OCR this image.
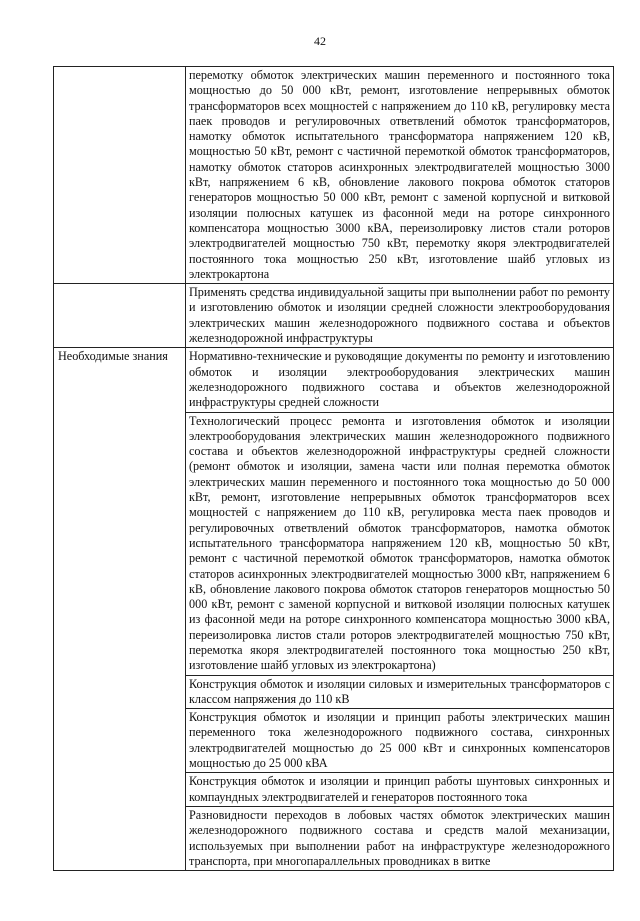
42
	перемотку обмоток электрических машин переменного и постоянного тока мощностью до 50 000 кВт, ремонт, изготовление непрерывных обмоток трансформаторов всех мощностей с напряжением до 110 кВ, регулировку места паек проводов и регулировочных ответвлений обмоток трансформаторов, намотку обмоток испытательного трансформатора напряжением 120 кВ, мощностью 50 кВт, ремонт с частичной перемоткой обмоток трансформаторов, намотку обмоток статоров асинхронных электродвигателей мощностью 3000 кВт, напряжением 6 кВ, обновление лакового покрова обмоток статоров генераторов мощностью 50 000 кВт, ремонт с заменой корпусной и витковой изоляции полюсных катушек из фасонной меди на роторе синхронного компенсатора мощностью 3000 кВА, переизолировку листов стали роторов электродвигателей мощностью 750 кВт, перемотку якоря электродвигателей постоянного тока мощностью 250 кВт, изготовление шайб угловых из электрокартона
	Применять средства индивидуальной защиты при выполнении работ по ремонту и изготовлению обмоток и изоляции средней сложности электрооборудования электрических машин железнодорожного подвижного состава и объектов железнодорожной инфраструктуры
Необходимые знания	Нормативно-технические и руководящие документы по ремонту и изготовлению обмоток и изоляции электрооборудования электрических машин железнодорожного подвижного состава и объектов железнодорожной инфраструктуры средней сложности
	Технологический процесс ремонта и изготовления обмоток и изоляции электрооборудования электрических машин железнодорожного подвижного состава и объектов железнодорожной инфраструктуры средней сложности (ремонт обмоток и изоляции, замена части или полная перемотка обмоток электрических машин переменного и постоянного тока мощностью до 50 000 кВт, ремонт, изготовление непрерывных обмоток трансформаторов всех мощностей с напряжением до 110 кВ, регулировка места паек проводов и регулировочных ответвлений обмоток трансформаторов, намотка обмоток испытательного трансформатора напряжением 120 кВ, мощностью 50 кВт, ремонт с частичной перемоткой обмоток трансформаторов, намотка обмоток статоров асинхронных электродвигателей мощностью 3000 кВт, напряжением 6 кВ, обновление лакового покрова обмоток статоров генераторов мощностью 50 000 кВт, ремонт с заменой корпусной и витковой изоляции полюсных катушек из фасонной меди на роторе синхронного компенсатора мощностью 3000 кВА, переизолировка листов стали роторов электродвигателей мощностью 750 кВт, перемотка якоря электродвигателей постоянного тока мощностью 250 кВт, изготовление шайб угловых из электрокартона)
	Конструкция обмоток и изоляции силовых и измерительных трансформаторов с классом напряжения до 110 кВ
	Конструкция обмоток и изоляции и принцип работы электрических машин переменного тока железнодорожного подвижного состава, синхронных электродвигателей мощностью до 25 000 кВт и синхронных компенсаторов мощностью до 25 000 кВА
	Конструкция обмоток и изоляции и принцип работы шунтовых синхронных и компаундных электродвигателей и генераторов постоянного тока
	Разновидности переходов в лобовых частях обмоток электрических машин железнодорожного подвижного состава и средств малой механизации, используемых при выполнении работ на инфраструктуре железнодорожного транспорта, при многопараллельных проводниках в витке
